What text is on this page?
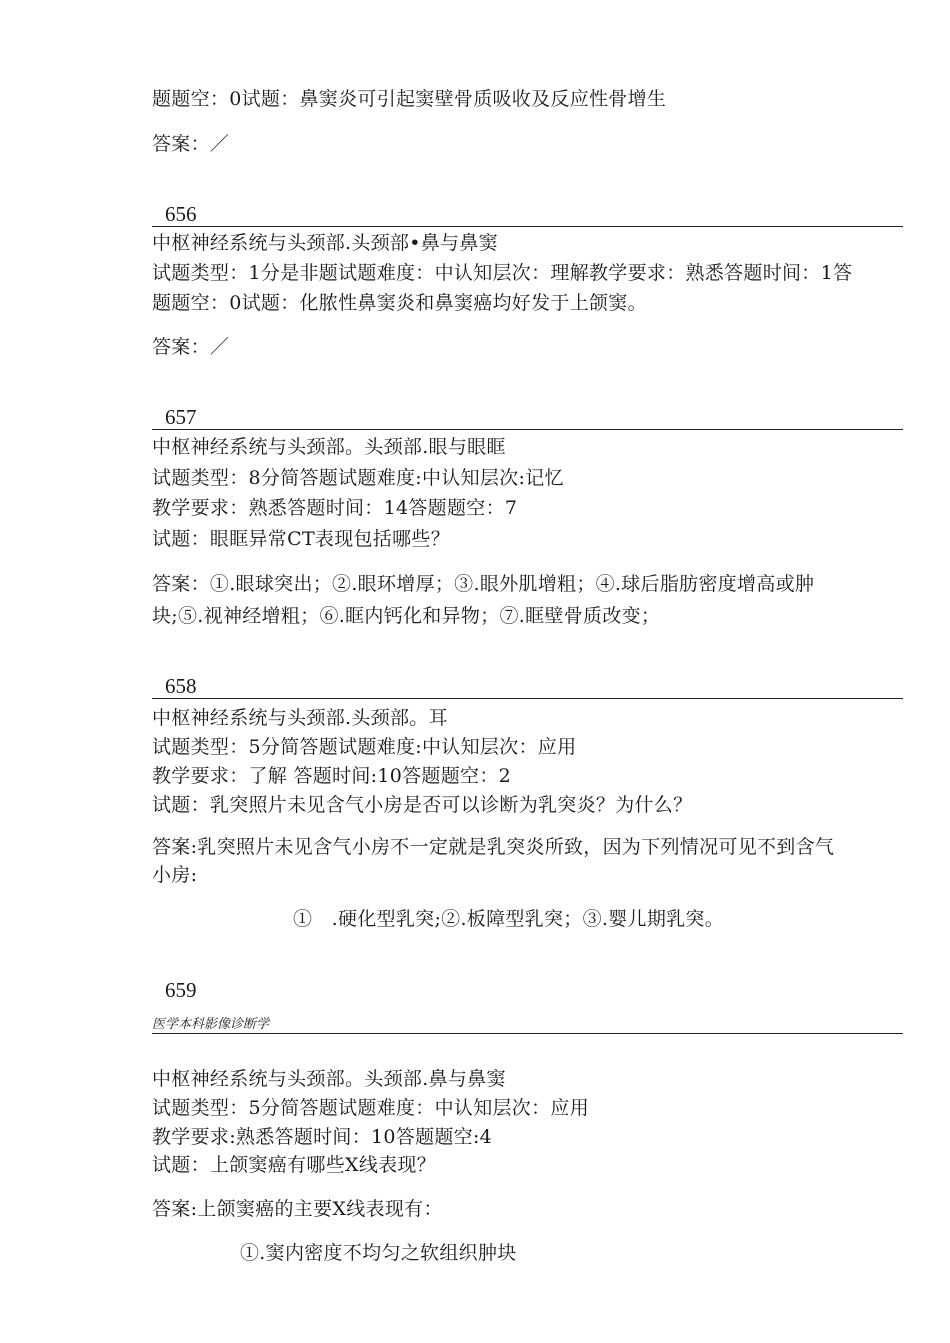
题题空：0试题：鼻窦炎可引起窦壁骨质吸收及反应性骨增生
答案：／
656
中枢神经系统与头颈部.头颈部•鼻与鼻窦
试题类型：1分是非题试题难度：中认知层次：理解教学要求：熟悉答题时间：1答
题题空：0试题：化脓性鼻窦炎和鼻窦癌均好发于上颌窦。
答案：／
657
中枢神经系统与头颈部。头颈部.眼与眼眶
试题类型：8分简答题试题难度:中认知层次:记忆
教学要求：熟悉答题时间：14答题题空：7
试题：眼眶异常CT表现包括哪些？
答案：①.眼球突出；②.眼环增厚；③.眼外肌增粗；④.球后脂肪密度增高或肿
块;⑤.视神经增粗；⑥.眶内钙化和异物；⑦.眶壁骨质改变；
658
中枢神经系统与头颈部.头颈部。耳
试题类型：5分简答题试题难度:中认知层次：应用
教学要求：了解 答题时间:10答题题空：2
试题：乳突照片未见含气小房是否可以诊断为乳突炎？为什么？
答案:乳突照片未见含气小房不一定就是乳突炎所致，因为下列情况可见不到含气
小房:
①　.硬化型乳突;②.板障型乳突；③.婴儿期乳突。
659
医学本科影像诊断学
中枢神经系统与头颈部。头颈部.鼻与鼻窦
试题类型：5分简答题试题难度：中认知层次：应用
教学要求:熟悉答题时间：10答题题空:4
试题：上颌窦癌有哪些X线表现？
答案:上颌窦癌的主要X线表现有：
①.窦内密度不均匀之软组织肿块
